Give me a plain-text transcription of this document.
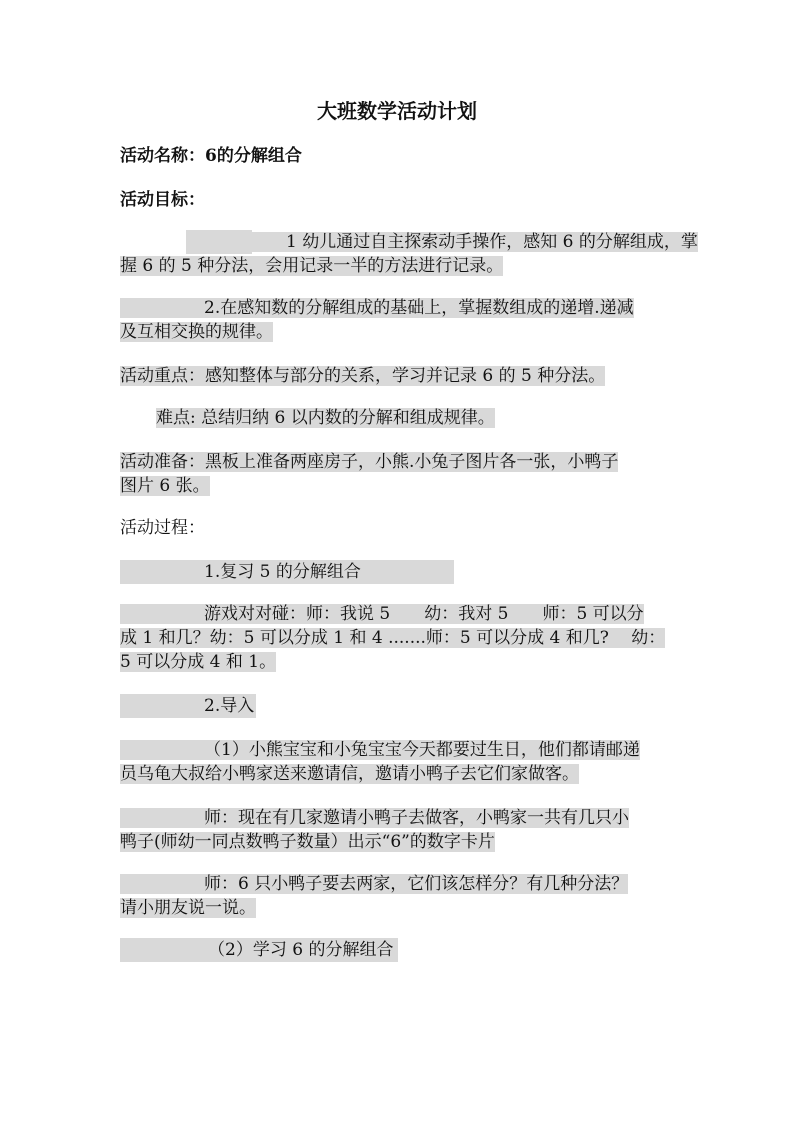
大班数学活动计划
活动名称：6的分解组合
活动目标：
1 幼儿通过自主探索动手操作，感知 6 的分解组成，掌
握 6 的 5 种分法，会用记录一半的方法进行记录。
2.在感知数的分解组成的基础上，掌握数组成的递增.递减
及互相交换的规律。
活动重点：感知整体与部分的关系，学习并记录 6 的 5 种分法。
难点: 总结归纳 6 以内数的分解和组成规律。
活动准备：黑板上准备两座房子，小熊.小兔子图片各一张，小鸭子
图片 6 张。
活动过程：
1.复习 5 的分解组合
游戏对对碰：师：我说 5　　幼：我对 5　　师：5 可以分
成 1 和几？幼：5 可以分成 1 和 4 .......师：5 可以分成 4 和几?　 幼：
5 可以分成 4 和 1。
2.导入
（1）小熊宝宝和小兔宝宝今天都要过生日，他们都请邮递
员乌龟大叔给小鸭家送来邀请信，邀请小鸭子去它们家做客。
师：现在有几家邀请小鸭子去做客，小鸭家一共有几只小
鸭子(师幼一同点数鸭子数量）出示“6”的数字卡片
师：6 只小鸭子要去两家，它们该怎样分？有几种分法？
请小朋友说一说。
（2）学习 6 的分解组合
